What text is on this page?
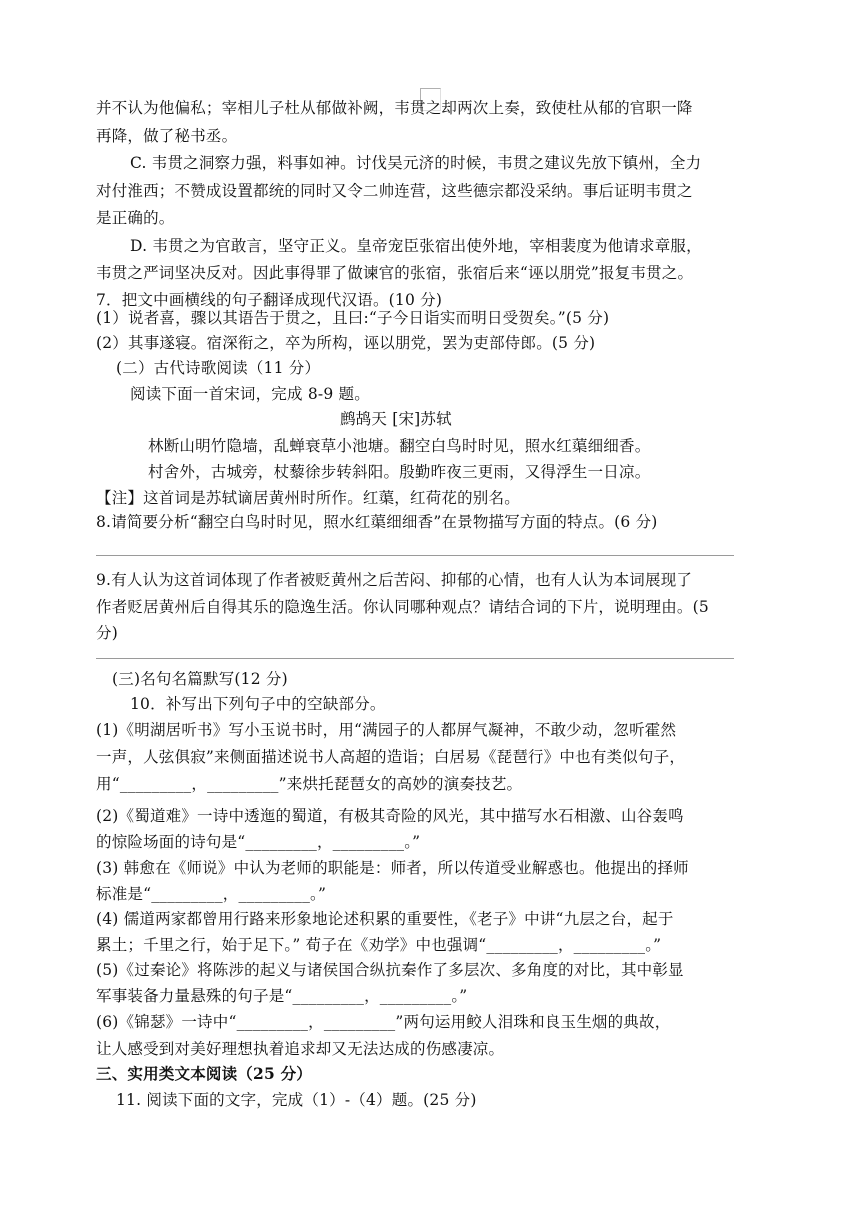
并不认为他偏私；宰相儿子杜从郁做补阙，韦贯之却两次上奏，致使杜从郁的官职一降
再降，做了秘书丞。
C. 韦贯之洞察力强，料事如神。讨伐吴元济的时候，韦贯之建议先放下镇州，全力
对付淮西；不赞成设置都统的同时又令二帅连营，这些德宗都没采纳。事后证明韦贯之
是正确的。
D. 韦贯之为官敢言，坚守正义。皇帝宠臣张宿出使外地，宰相裴度为他请求章服，
韦贯之严词坚决反对。因此事得罪了做谏官的张宿，张宿后来“诬以朋党”报复韦贯之。
7．把文中画横线的句子翻译成现代汉语。(10 分)
(1）说者喜，骤以其语告于贯之，且曰:“子今日诣实而明日受贺矣。”(5 分)
(2）其事遂寝。宿深衔之，卒为所构，诬以朋党，罢为吏部侍郎。(5 分)
(二）古代诗歌阅读（11 分）
阅读下面一首宋词，完成 8-9 题。
鹧鸪天 [宋]苏轼
林断山明竹隐墙，乱蝉衰草小池塘。翻空白鸟时时见，照水红蕖细细香。
村舍外，古城旁，杖藜徐步转斜阳。殷勤昨夜三更雨，又得浮生一日凉。
【注】这首词是苏轼谪居黄州时所作。红蕖，红荷花的别名。
8.请简要分析“翻空白鸟时时见，照水红蕖细细香”在景物描写方面的特点。(6 分)
9.有人认为这首词体现了作者被贬黄州之后苦闷、抑郁的心情，也有人认为本词展现了
作者贬居黄州后自得其乐的隐逸生活。你认同哪种观点？请结合词的下片，说明理由。(5
分)
(三)名句名篇默写(12 分)
10．补写出下列句子中的空缺部分。
(1)《明湖居听书》写小玉说书时，用“满园子的人都屏气凝神，不敢少动，忽听霍然
一声，人弦俱寂”来侧面描述说书人高超的造诣；白居易《琵琶行》中也有类似句子，
用“_________，_________”来烘托琵琶女的高妙的演奏技艺。
(2)《蜀道难》一诗中透迤的蜀道，有极其奇险的风光，其中描写水石相激、山谷轰鸣
的惊险场面的诗句是“_________，_________。”
(3) 韩愈在《师说》中认为老师的职能是：师者，所以传道受业解惑也。他提出的择师
标准是“_________，_________。”
(4) 儒道两家都曾用行路来形象地论述积累的重要性，《老子》中讲“九层之台，起于
累土；千里之行，始于足下。” 荀子在《劝学》中也强调“_________，_________。”
(5)《过秦论》将陈涉的起义与诸侯国合纵抗秦作了多层次、多角度的对比，其中彰显
军事装备力量悬殊的句子是“_________，_________。”
(6)《锦瑟》一诗中“_________，_________”两句运用鲛人泪珠和良玉生烟的典故，
让人感受到对美好理想执着追求却又无法达成的伤感凄凉。
三、实用类文本阅读（25 分）
11. 阅读下面的文字，完成（1）-（4）题。(25 分)
